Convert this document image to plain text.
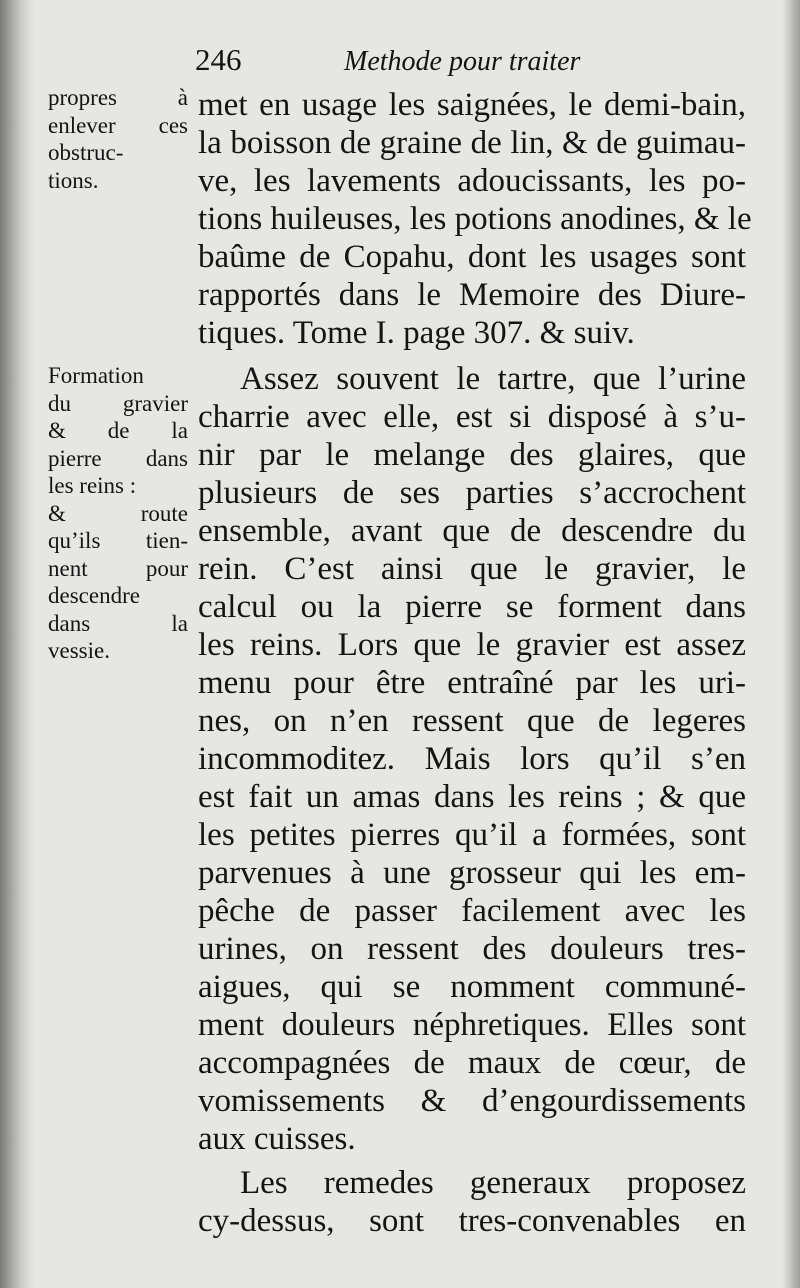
246	Methode pour traiter
propres à
enlever ces
obstruc-
tions.
Formation
du gravier
& de la
pierre dans
les reins :
& route
qu’ils tien-
nent pour
descendre
dans la
vessie.
met en usage les saignées, le demi-bain,
la boisson de graine de lin, & de guimau-
ve, les lavements adoucissants, les po-
tions huileuses, les potions anodines, & le
baûme de Copahu, dont les usages sont
rapportés dans le Memoire des Diure-
tiques. Tome I. page 307. & suiv.
Assez souvent le tartre, que l’urine
charrie avec elle, est si disposé à s’u-
nir par le melange des glaires, que
plusieurs de ses parties s’accrochent
ensemble, avant que de descendre du
rein. C’est ainsi que le gravier, le
calcul ou la pierre se forment dans
les reins. Lors que le gravier est assez
menu pour être entraîné par les uri-
nes, on n’en ressent que de legeres
incommoditez. Mais lors qu’il s’en
est fait un amas dans les reins ; & que
les petites pierres qu’il a formées, sont
parvenues à une grosseur qui les em-
pêche de passer facilement avec les
urines, on ressent des douleurs tres-
aigues, qui se nomment communé-
ment douleurs néphretiques. Elles sont
accompagnées de maux de cœur, de
vomissements & d’engourdissements
aux cuisses.
Les remedes generaux proposez
cy-dessus, sont tres-convenables en
